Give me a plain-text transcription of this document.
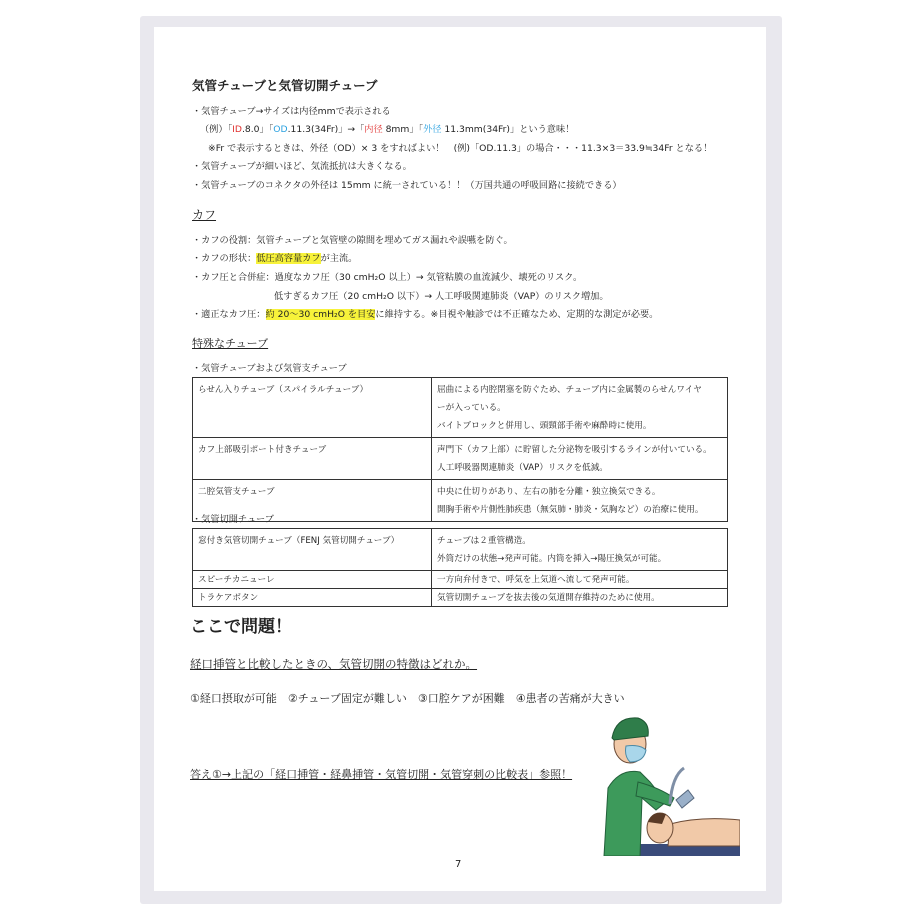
気管チューブと気管切開チューブ
・気管チューブ→サイズは内径mmで表示される
（例）「ID.8.0」「OD.11.3(34Fr)」→「内径 8mm」「外径 11.3mm(34Fr)」という意味！
※Fr で表示するときは、外径（OD）× 3 をすればよい！　(例)「OD.11.3」の場合・・・11.3×3＝33.9≒34Fr となる！
・気管チューブが細いほど、気流抵抗は大きくなる。
・気管チューブのコネクタの外径は 15mm に統一されている！！（万国共通の呼吸回路に接続できる）
カフ
・カフの役割：気管チューブと気管壁の隙間を埋めてガス漏れや誤嚥を防ぐ。
・カフの形状：低圧高容量カフが主流。
・カフ圧と合併症：過度なカフ圧（30 cmH₂O 以上）→ 気管粘膜の血流減少、壊死のリスク。
低すぎるカフ圧（20 cmH₂O 以下）→ 人工呼吸関連肺炎（VAP）のリスク増加。
・適正なカフ圧：約 20～30 cmH₂O を目安に維持する。※目視や触診では不正確なため、定期的な測定が必要。
特殊なチューブ
・気管チューブおよび気管支チューブ
らせん入りチューブ（スパイラルチューブ）	屈曲による内腔閉塞を防ぐため、チューブ内に金属製のらせんワイヤ
ーが入っている。
バイトブロックと併用し、頭頸部手術や麻酔時に使用。

カフ上部吸引ポート付きチューブ	声門下（カフ上部）に貯留した分泌物を吸引するラインが付いている。
人工呼吸器関連肺炎（VAP）リスクを低減。

二腔気管支チューブ	中央に仕切りがあり、左右の肺を分離・独立換気できる。
開胸手術や片側性肺疾患（無気肺・肺炎・気胸など）の治療に使用。
・気管切開チューブ
窓付き気管切開チューブ（FENJ 気管切開チューブ）	チューブは２重管構造。
外筒だけの状態→発声可能。内筒を挿入→陽圧換気が可能。

スピーチカニューレ	一方向弁付きで、呼気を上気道へ流して発声可能。

トラケアボタン	気管切開チューブを抜去後の気道開存維持のために使用。
ここで問題！
経口挿管と比較したときの、気管切開の特徴はどれか。
①経口摂取が可能　②チューブ固定が難しい　③口腔ケアが困難　④患者の苦痛が大きい
答え①→上記の「経口挿管・経鼻挿管・気管切開・気管穿刺の比較表」参照！
7
